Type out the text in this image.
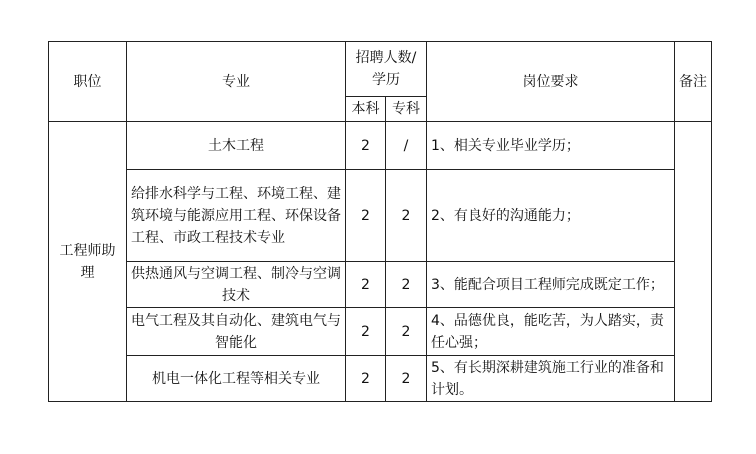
职位	专业	招聘人数/学历		岗位要求	备注
		本科	专科		
工程师助理	土木工程	2	/	1、相关专业毕业学历；	
	给排水科学与工程、环境工程、建筑环境与能源应用工程、环保设备工程、市政工程技术专业	2	2	2、有良好的沟通能力；	
	供热通风与空调工程、制冷与空调技术	2	2	3、能配合项目工程师完成既定工作；	
	电气工程及其自动化、建筑电气与智能化	2	2	4、品德优良，能吃苦，为人踏实，责任心强；	
	机电一体化工程等相关专业	2	2	5、有长期深耕建筑施工行业的准备和计划。	
